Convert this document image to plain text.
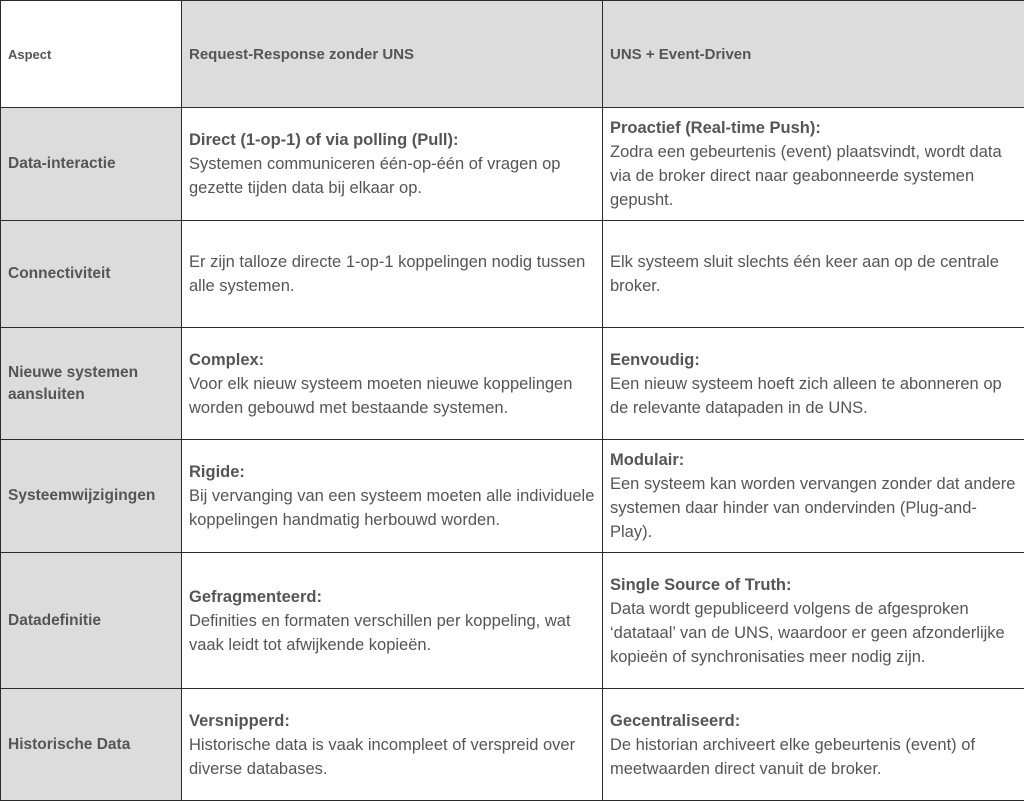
Aspect	Request-Response zonder UNS	UNS + Event-Driven
Data-interactie	Direct (1-op-1) of via polling (Pull):
Systemen communiceren één-op-één of vragen op gezette tijden data bij elkaar op.	Proactief (Real-time Push):
Zodra een gebeurtenis (event) plaatsvindt, wordt data via de broker direct naar geabonneerde systemen gepusht.

Connectiviteit	Er zijn talloze directe 1-op-1 koppelingen nodig tussen alle systemen.	Elk systeem sluit slechts één keer aan op de centrale broker.

Nieuwe systemen aansluiten	Complex:
Voor elk nieuw systeem moeten nieuwe koppelingen worden gebouwd met bestaande systemen.	Eenvoudig:
Een nieuw systeem hoeft zich alleen te abonneren op de relevante datapaden in de UNS.

Systeemwijzigingen	Rigide:
Bij vervanging van een systeem moeten alle individuele koppelingen handmatig herbouwd worden.	Modulair:
Een systeem kan worden vervangen zonder dat andere systemen daar hinder van ondervinden (Plug-and-Play).

Datadefinitie	Gefragmenteerd:
Definities en formaten verschillen per koppeling, wat vaak leidt tot afwijkende kopieën.	Single Source of Truth:
Data wordt gepubliceerd volgens de afgesproken ‘datataal’ van de UNS, waardoor er geen afzonderlijke kopieën of synchronisaties meer nodig zijn.

Historische Data	Versnipperd:
Historische data is vaak incompleet of verspreid over diverse databases.	Gecentraliseerd:
De historian archiveert elke gebeurtenis (event) of meetwaarden direct vanuit de broker.
